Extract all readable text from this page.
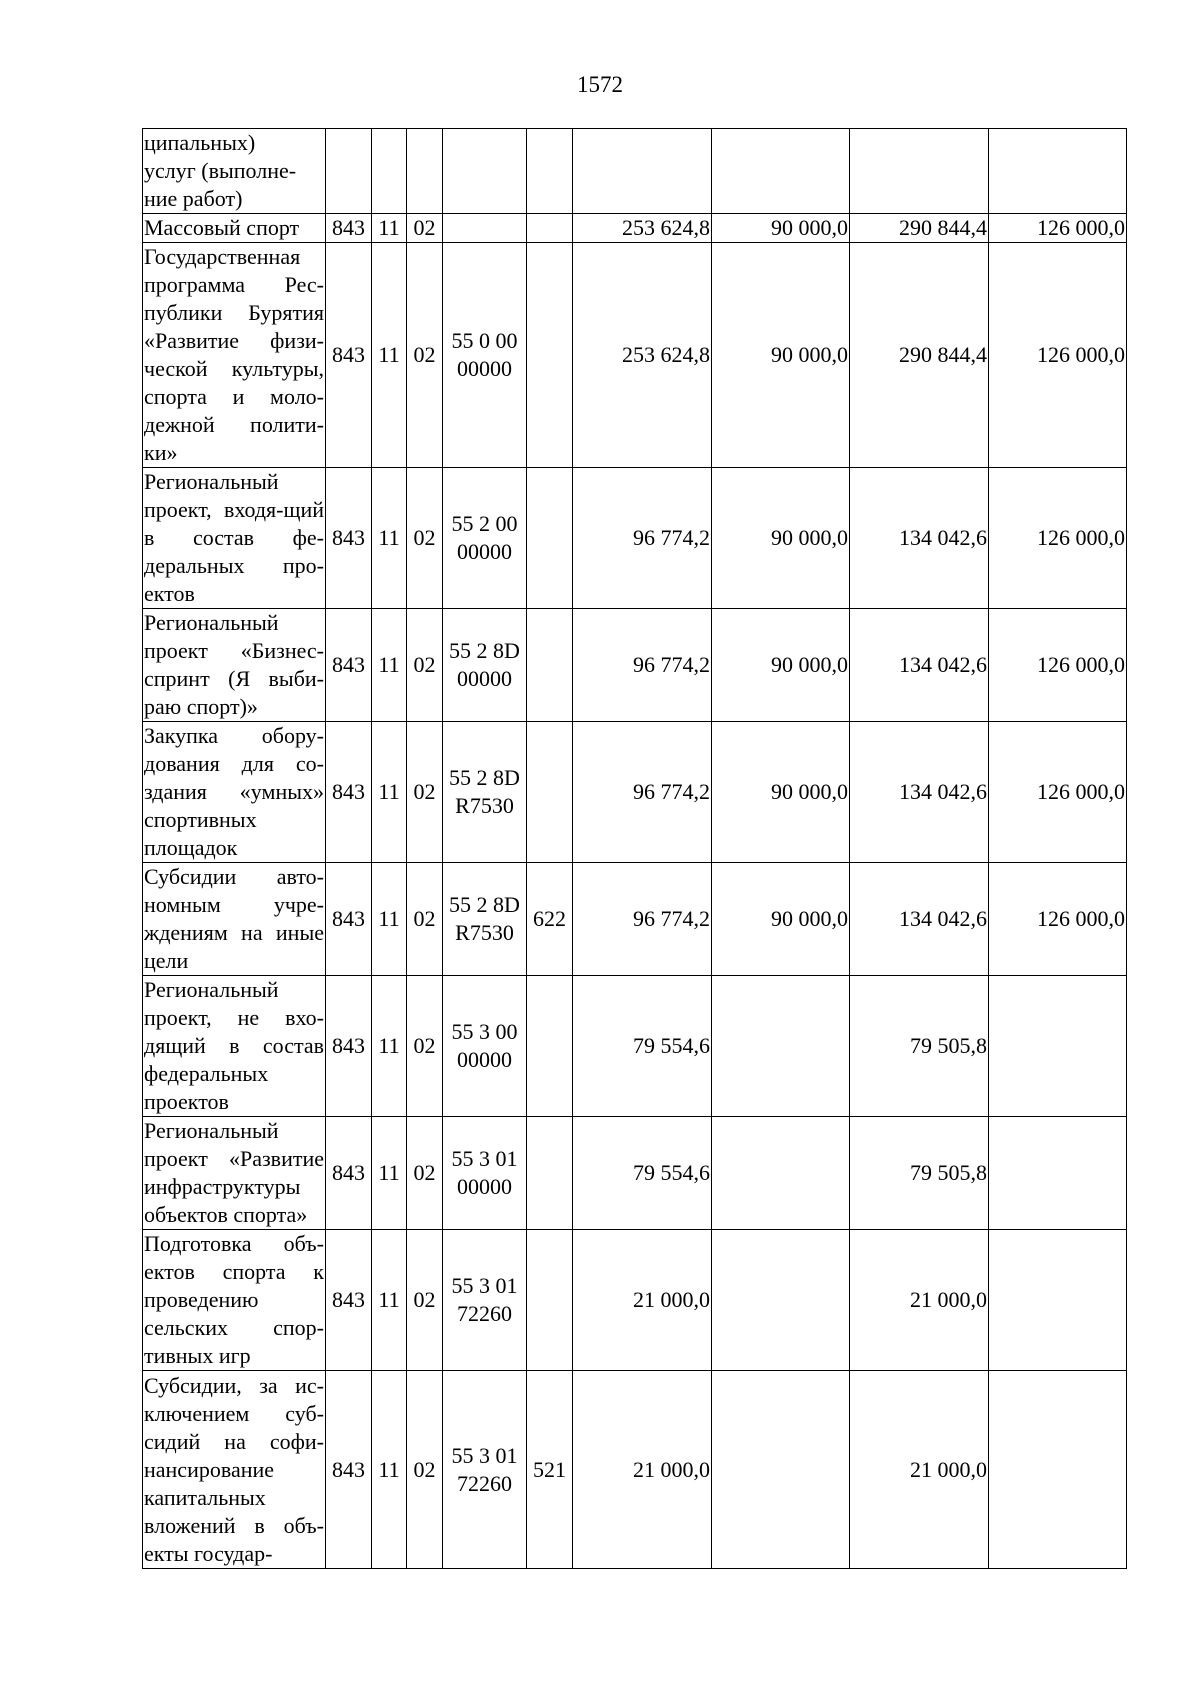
1572
ципальных)
услуг (выполне-
ние работ)									
Массовый спорт	843	11	02			253 624,8	90 000,0	290 844,4	126 000,0
Государственная программа Рес-публики Бурятия «Развитие физи-ческой культуры, спорта и моло-дежной полити-ки»	843	11	02	55 0 00
00000		253 624,8	90 000,0	290 844,4	126 000,0
Региональный проект, входя-щий в состав фе-деральных про-ектов	843	11	02	55 2 00
00000		96 774,2	90 000,0	134 042,6	126 000,0
Региональный проект «Бизнес-спринт (Я выби-раю спорт)»	843	11	02	55 2 8D
00000		96 774,2	90 000,0	134 042,6	126 000,0
Закупка обору-дования для со-здания «умных» спортивных площадок	843	11	02	55 2 8D
R7530		96 774,2	90 000,0	134 042,6	126 000,0
Субсидии авто-номным учре-ждениям на иные цели	843	11	02	55 2 8D
R7530	622	96 774,2	90 000,0	134 042,6	126 000,0
Региональный проект, не вхо-дящий в состав федеральных проектов	843	11	02	55 3 00
00000		79 554,6		79 505,8	
Региональный проект «Развитие инфраструктуры объектов спорта»	843	11	02	55 3 01
00000		79 554,6		79 505,8	
Подготовка объ-ектов спорта к проведению сельских спор-тивных игр	843	11	02	55 3 01
72260		21 000,0		21 000,0	
Субсидии, за ис-ключением суб-сидий на софи-нансирование капитальных вложений в объ-екты государ-	843	11	02	55 3 01
72260	521	21 000,0		21 000,0	
